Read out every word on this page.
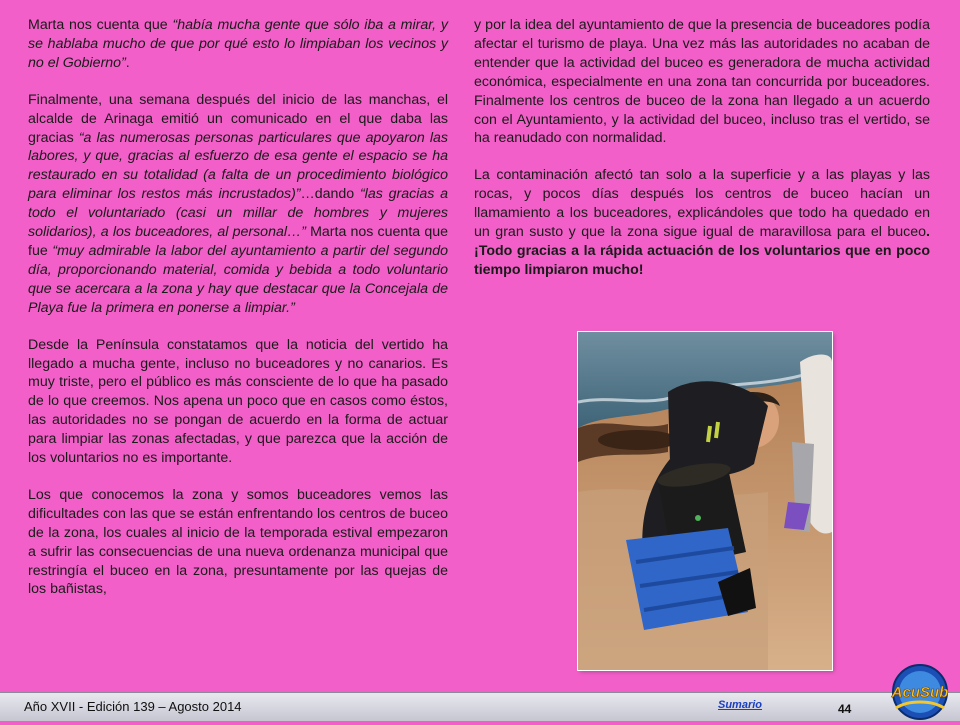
Marta nos cuenta que “había mucha gente que sólo iba a mirar, y se hablaba mucho de que por qué esto lo limpiaban los vecinos y no el Gobierno”.

Finalmente, una semana después del inicio de las manchas, el alcalde de Arinaga emitió un comunicado en el que daba las gracias “a las numerosas personas particulares que apoyaron las labores, y que, gracias al esfuerzo de esa gente el espacio se ha restaurado en su totalidad (a falta de un procedimiento biológico para eliminar los restos más incrustados)”…dando “las gracias a todo el voluntariado (casi un millar de hombres y mujeres solidarios), a los buceadores, al personal…” Marta nos cuenta que fue “muy admirable la labor del ayuntamiento a partir del segundo día, proporcionando material, comida y bebida a todo voluntario que se acercara a la zona y hay que destacar que la Concejala de Playa fue la primera en ponerse a limpiar.”

Desde la Península constatamos que la noticia del vertido ha llegado a mucha gente, incluso no buceadores y no canarios. Es muy triste, pero el público es más consciente de lo que ha pasado de lo que creemos. Nos apena un poco que en casos como éstos, las autoridades no se pongan de acuerdo en la forma de actuar para limpiar las zonas afectadas, y que parezca que la acción de los voluntarios no es importante.

Los que conocemos la zona y somos buceadores vemos las dificultades con las que se están enfrentando los centros de buceo de la zona, los cuales al inicio de la temporada estival empezaron a sufrir las consecuencias de una nueva ordenanza municipal que restringía el buceo en la zona, presuntamente por las quejas de los bañistas,

y por la idea del ayuntamiento de que la presencia de buceadores podía afectar el turismo de playa. Una vez más las autoridades no acaban de entender que la actividad del buceo es generadora de mucha actividad económica, especialmente en una zona tan concurrida por buceadores. Finalmente los centros de buceo de la zona han llegado a un acuerdo con el Ayuntamiento, y la actividad del buceo, incluso tras el vertido, se ha reanudado con normalidad.

La contaminación afectó tan solo a la superficie y a las playas y las rocas, y pocos días después los centros de buceo hacían un llamamiento a los buceadores, explicándoles que todo ha quedado en un gran susto y que la zona sigue igual de maravillosa para el buceo. ¡Todo gracias a la rápida actuación de los voluntarios que en poco tiempo limpiaron mucho!

Año XVII - Edición 139 – Agosto 2014	Sumario	44
AcuSub
